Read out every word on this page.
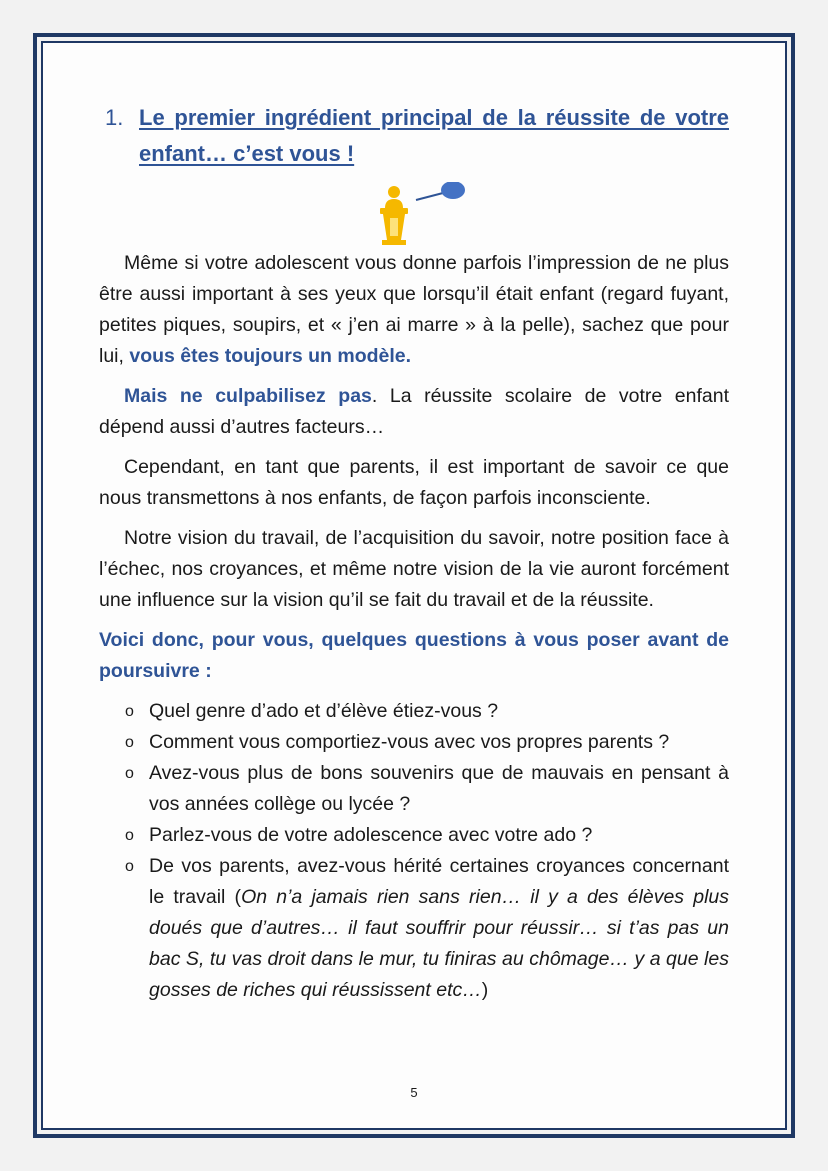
1. Le premier ingrédient principal de la réussite de votre enfant… c’est vous !

Même si votre adolescent vous donne parfois l’impression de ne plus être aussi important à ses yeux que lorsqu’il était enfant (regard fuyant, petites piques, soupirs, et « j’en ai marre » à la pelle), sachez que pour lui, vous êtes toujours un modèle.

Mais ne culpabilisez pas. La réussite scolaire de votre enfant dépend aussi d’autres facteurs…

Cependant, en tant que parents, il est important de savoir ce que nous transmettons à nos enfants, de façon parfois inconsciente.

Notre vision du travail, de l’acquisition du savoir, notre position face à l’échec, nos croyances, et même notre vision de la vie auront forcément une influence sur la vision qu’il se fait du travail et de la réussite.

Voici donc, pour vous, quelques questions à vous poser avant de poursuivre :

o Quel genre d’ado et d’élève étiez-vous ?
o Comment vous comportiez-vous avec vos propres parents ?
o Avez-vous plus de bons souvenirs que de mauvais en pensant à vos années collège ou lycée ?
o Parlez-vous de votre adolescence avec votre ado ?
o De vos parents, avez-vous hérité certaines croyances concernant le travail (On n’a jamais rien sans rien… il y a des élèves plus doués que d’autres… il faut souffrir pour réussir… si t’as pas un bac S, tu vas droit dans le mur, tu finiras au chômage… y a que les gosses de riches qui réussissent etc…)
5
